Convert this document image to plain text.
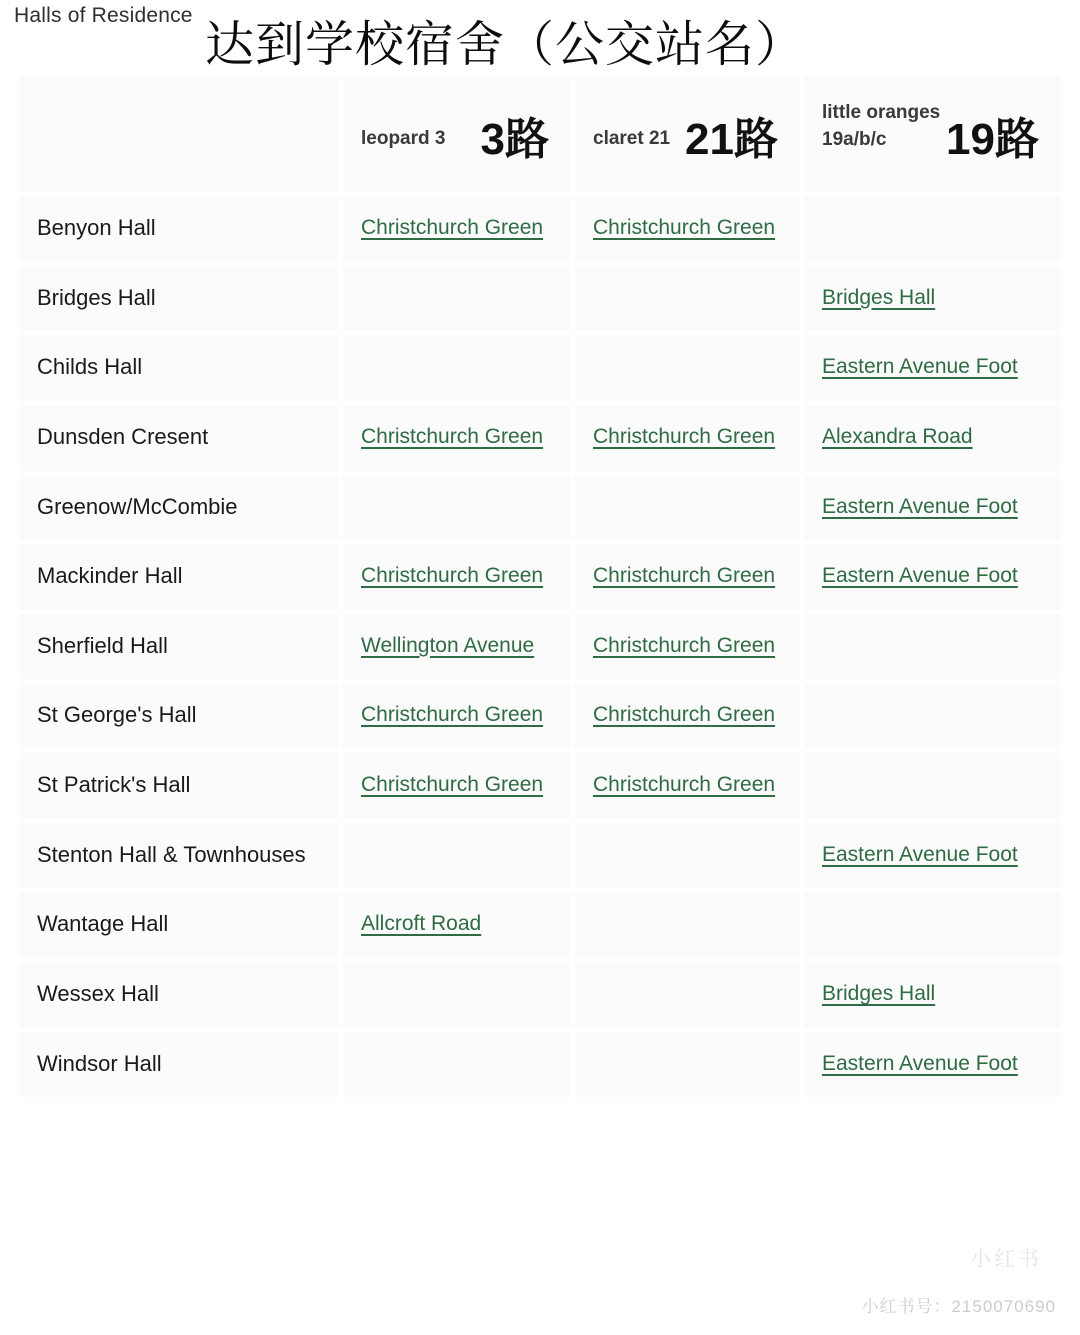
Halls of Residence
达到学校宿舍（公交站名）

	leopard 3 3路	claret 21 21路	little oranges
19a/b/c 19路

Benyon Hall	Christchurch Green	Christchurch Green	
Bridges Hall			Bridges Hall
Childs Hall			Eastern Avenue Foot
Dunsden Cresent	Christchurch Green	Christchurch Green	Alexandra Road
Greenow/McCombie			Eastern Avenue Foot
Mackinder Hall	Christchurch Green	Christchurch Green	Eastern Avenue Foot
Sherfield Hall	Wellington Avenue	Christchurch Green	
St George's Hall	Christchurch Green	Christchurch Green	
St Patrick's Hall	Christchurch Green	Christchurch Green	
Stenton Hall & Townhouses			Eastern Avenue Foot
Wantage Hall	Allcroft Road		
Wessex Hall			Bridges Hall
Windsor Hall			Eastern Avenue Foot
小红书
小红书号：2150070690
